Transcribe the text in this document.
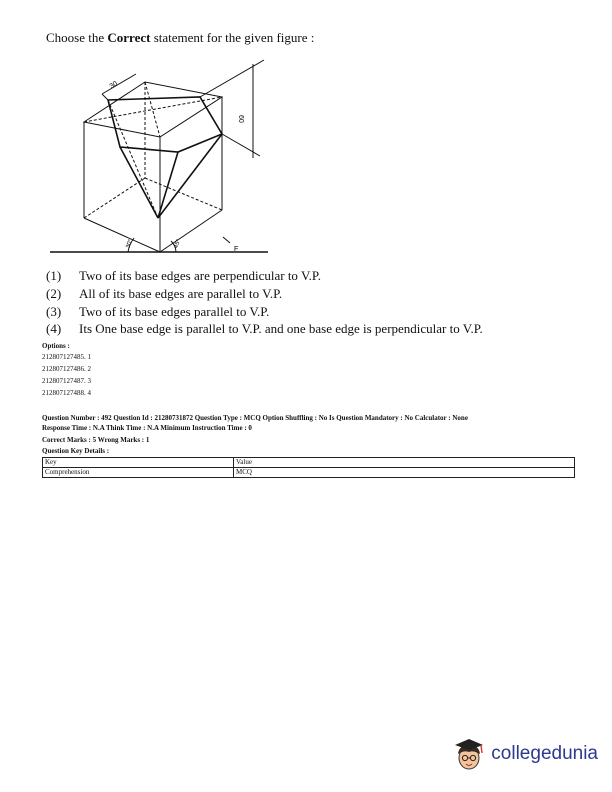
Choose the Correct statement for the given figure :
30
60
30°	45°
F
(1) Two of its base edges are perpendicular to V.P.
(2) All of its base edges are parallel to V.P.
(3) Two of its base edges parallel to V.P.
(4) Its One base edge is parallel to V.P. and one base edge is perpendicular to V.P.
Options :
212807127485. 1
212807127486. 2
212807127487. 3
212807127488. 4
Question Number : 492 Question Id : 21280731872 Question Type : MCQ Option Shuffling : No Is Question Mandatory : No Calculator : None
Response Time : N.A Think Time : N.A Minimum Instruction Time : 0
Correct Marks : 5 Wrong Marks : 1
Question Key Details :
Key	Value
Comprehension	MCQ
collegedunia
